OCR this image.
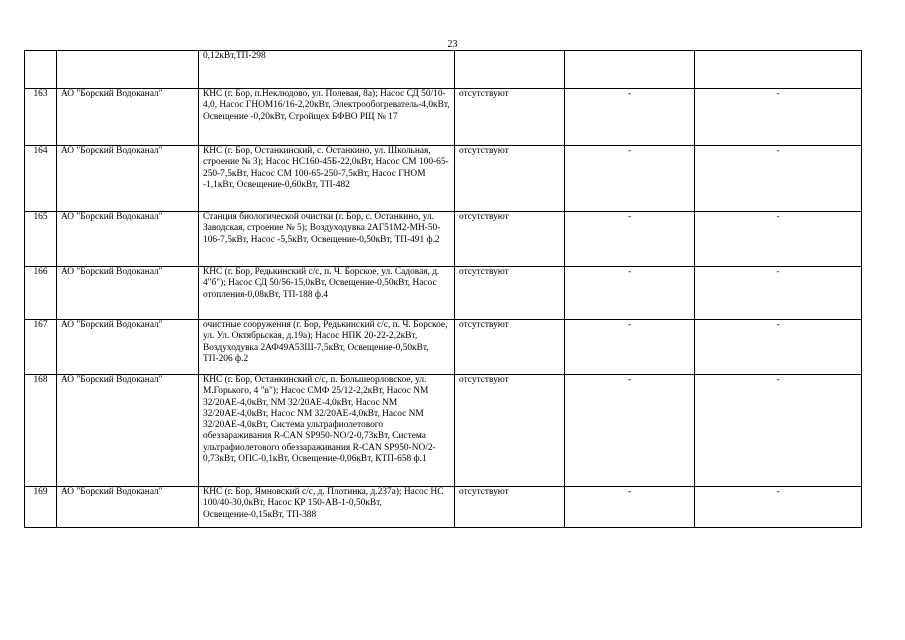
23
		0,12кВт,ТП-298			
163	АО "Борский Водоканал"	КНС (г. Бор, п.Неклюдово, ул. Полевая, 8а); Насос СД 50/10-4,0, Насос ГНОМ16/16-2,20кВт, Электрообогреватель-4,0кВт, Освещение -0,20кВт, Стройщех БФВО РЩ № 17	отсутствуют	-	-
164	АО "Борский Водоканал"	КНС (г. Бор, Останкинский, с. Останкино, ул. Школьная, строение № 3); Насос НС160-45Б-22,0кВт, Насос СМ 100-65-250-7,5кВт, Насос СМ 100-65-250-7,5кВт, Насос ГНОМ -1,1кВт, Освещение-0,60кВт, ТП-482	отсутствуют	-	-
165	АО "Борский Водоканал"	Станция биологической очистки (г. Бор, с. Останкино, ул. Заводская, строение № 5); Воздуходувка 2АГ51М2-МН-50-106-7,5кВт, Насос -5,5кВт, Освещение-0,50кВт, ТП-491 ф.2	отсутствуют	-	-
166	АО "Борский Водоканал"	КНС (г. Бор, Редькинский с/с, п. Ч. Борское, ул. Садовая, д. 4"б"); Насос СД 50/56-15,0кВт, Освещение-0,50кВт, Насос отопления-0,08кВт, ТП-188 ф.4	отсутствуют	-	-
167	АО "Борский Водоканал"	очистные сооружения (г. Бор, Редькинский с/с, п. Ч. Борское, ул. Ул. Октябрьская, д.19а); Насос НПК 20-22-2,2кВт, Воздуходувка 2АФ49А53Ш-7,5кВт, Освещение-0,50кВт, ТП-206 ф.2	отсутствуют	-	-
168	АО "Борский Водоканал"	КНС (г. Бор, Останкинский с/с, п. Большеорловское, ул. М.Горького, 4 "в"); Насос СМФ 25/12-2,2кВт, Насос NM 32/20АЕ-4,0кВт, NM 32/20АЕ-4,0кВт, Насос NM 32/20АЕ-4,0кВт, Насос NM 32/20АЕ-4,0кВт, Насос NM 32/20АЕ-4,0кВт, Система ультрафиолетового обеззараживания R-CAN SP950-NO/2-0,73кВт, Система ультрафиолетового обеззараживания R-CAN SP950-NO/2-0,73кВт, ОПС-0,1кВт, Освещение-0,06кВт, КТП-658 ф.1	отсутствуют	-	-
169	АО "Борский Водоканал"	КНС (г. Бор, Ямновский с/с, д. Плотинка, д.237а); Насос НС 100/40-30,0кВт, Насос КР 150-АВ-1-0,50кВт, Освещение-0,15кВт, ТП-388	отсутствуют	-	-
